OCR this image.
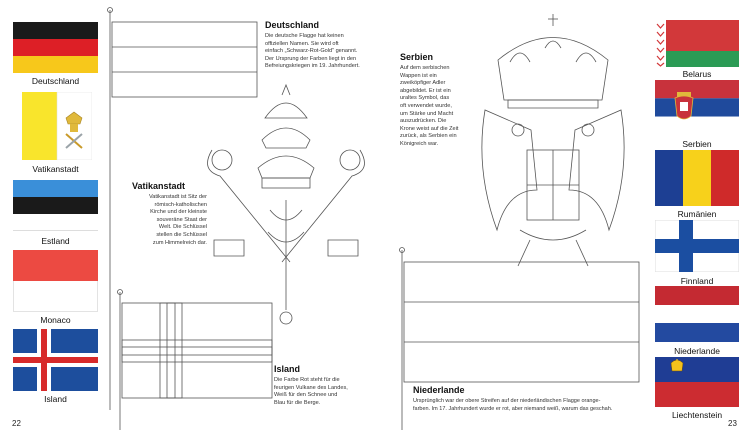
Deutschland
Vatikanstadt
Estland
Monaco
Island
22
Deutschland
Die deutsche Flagge hat keinen
offiziellen Namen. Sie wird oft
einfach „Schwarz-Rot-Gold“ genannt.
Der Ursprung der Farben liegt in den
Befreiungskriegen im 19. Jahrhundert.
Vatikanstadt
Vatikanstadt ist Sitz der
römisch-katholischen
Kirche und der kleinste
souveräne Staat der
Welt. Die Schlüssel
stellen die Schlüssel
zum Himmelreich dar.
Island
Die Farbe Rot steht für die
feurigen Vulkane des Landes,
Weiß für den Schnee und
Blau für die Berge.
Serbien
Auf dem serbischen
Wappen ist ein
zweiköpfiger Adler
abgebildet. Er ist ein
uraltes Symbol, das
oft verwendet wurde,
um Stärke und Macht
auszudrücken. Die
Krone weist auf die Zeit
zurück, als Serbien ein
Königreich war.
Niederlande
Ursprünglich war der obere Streifen auf der niederländischen Flagge orange-
farben. Im 17. Jahrhundert wurde er rot, aber niemand weiß, warum das geschah.
Belarus
Serbien
Rumänien
Finnland
Niederlande
Liechtenstein
23
